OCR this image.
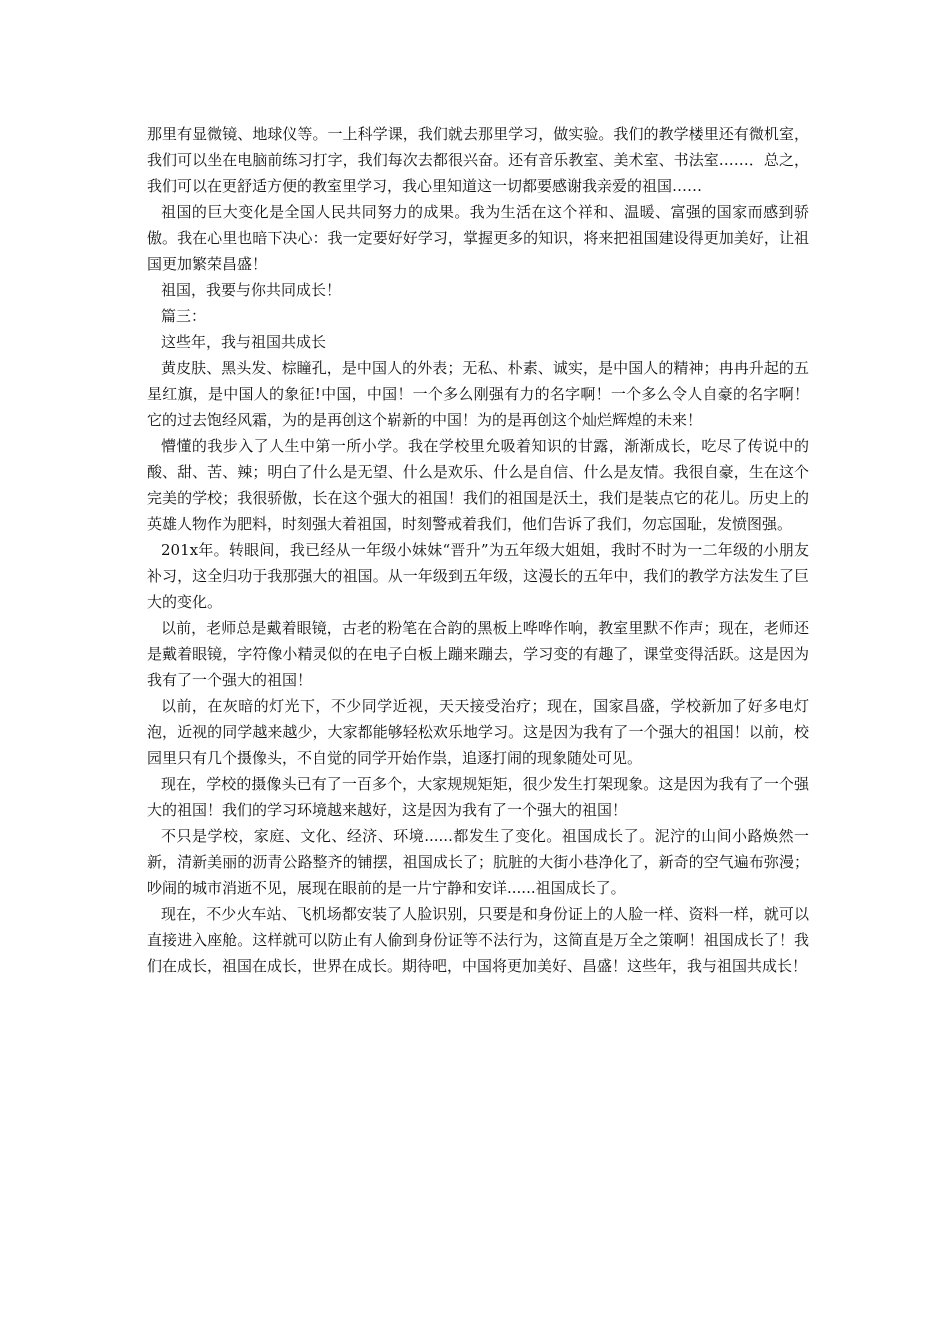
那里有显微镜、地球仪等。一上科学课，我们就去那里学习，做实验。我们的教学楼里还有微机室，我们可以坐在电脑前练习打字，我们每次去都很兴奋。还有音乐教室、美术室、书法室……．总之，我们可以在更舒适方便的教室里学习，我心里知道这一切都要感谢我亲爱的祖国……

祖国的巨大变化是全国人民共同努力的成果。我为生活在这个祥和、温暖、富强的国家而感到骄傲。我在心里也暗下决心：我一定要好好学习，掌握更多的知识，将来把祖国建设得更加美好，让祖国更加繁荣昌盛！

祖国，我要与你共同成长！

篇三：

这些年，我与祖国共成长

黄皮肤、黑头发、棕瞳孔，是中国人的外表；无私、朴素、诚实，是中国人的精神；冉冉升起的五星红旗，是中国人的象征!中国，中国！一个多么刚强有力的名字啊！一个多么令人自豪的名字啊！它的过去饱经风霜，为的是再创这个崭新的中国！为的是再创这个灿烂辉煌的未来！

懵懂的我步入了人生中第一所小学。我在学校里允吸着知识的甘露，渐渐成长，吃尽了传说中的酸、甜、苦、辣；明白了什么是无望、什么是欢乐、什么是自信、什么是友情。我很自豪，生在这个完美的学校；我很骄傲，长在这个强大的祖国！我们的祖国是沃土，我们是装点它的花儿。历史上的英雄人物作为肥料，时刻强大着祖国，时刻警戒着我们，他们告诉了我们，勿忘国耻，发愤图强。

201x年。转眼间，我已经从一年级小妹妹“晋升”为五年级大姐姐，我时不时为一二年级的小朋友补习，这全归功于我那强大的祖国。从一年级到五年级，这漫长的五年中，我们的教学方法发生了巨大的变化。

以前，老师总是戴着眼镜，古老的粉笔在合韵的黑板上哗哗作响，教室里默不作声；现在，老师还是戴着眼镜，字符像小精灵似的在电子白板上蹦来蹦去，学习变的有趣了，课堂变得活跃。这是因为我有了一个强大的祖国！

以前，在灰暗的灯光下，不少同学近视，天天接受治疗；现在，国家昌盛，学校新加了好多电灯泡，近视的同学越来越少，大家都能够轻松欢乐地学习。这是因为我有了一个强大的祖国！以前，校园里只有几个摄像头，不自觉的同学开始作祟，追逐打闹的现象随处可见。

现在，学校的摄像头已有了一百多个，大家规规矩矩，很少发生打架现象。这是因为我有了一个强大的祖国！我们的学习环境越来越好，这是因为我有了一个强大的祖国！

不只是学校，家庭、文化、经济、环境......都发生了变化。祖国成长了。泥泞的山间小路焕然一新，清新美丽的沥青公路整齐的铺摆，祖国成长了；肮脏的大街小巷净化了，新奇的空气遍布弥漫；吵闹的城市消逝不见，展现在眼前的是一片宁静和安详......祖国成长了。

现在，不少火车站、飞机场都安装了人脸识别，只要是和身份证上的人脸一样、资料一样，就可以直接进入座舱。这样就可以防止有人偷到身份证等不法行为，这简直是万全之策啊！祖国成长了！我们在成长，祖国在成长，世界在成长。期待吧，中国将更加美好、昌盛！这些年，我与祖国共成长！
